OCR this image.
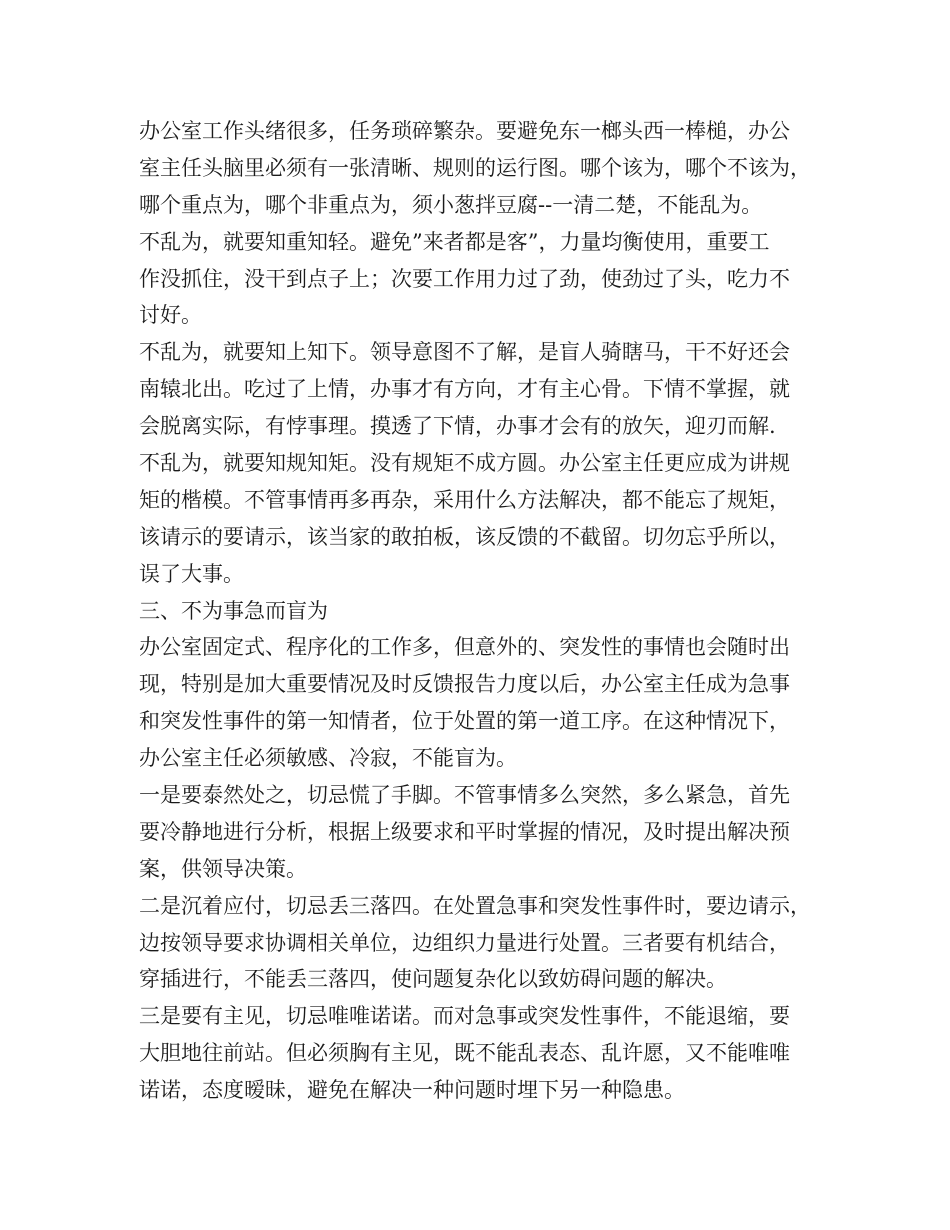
办公室工作头绪很多，任务琐碎繁杂。要避免东一榔头西一棒槌，办公
室主任头脑里必须有一张清晰、规则的运行图。哪个该为，哪个不该为，
哪个重点为，哪个非重点为，须小葱拌豆腐--一清二楚，不能乱为。
不乱为，就要知重知轻。避免”来者都是客”，力量均衡使用，重要工
作没抓住，没干到点子上；次要工作用力过了劲，使劲过了头，吃力不
讨好。
不乱为，就要知上知下。领导意图不了解，是盲人骑瞎马，干不好还会
南辕北出。吃过了上情，办事才有方向，才有主心骨。下情不掌握，就
会脱离实际，有悖事理。摸透了下情，办事才会有的放矢，迎刃而解.
不乱为，就要知规知矩。没有规矩不成方圆。办公室主任更应成为讲规
矩的楷模。不管事情再多再杂，采用什么方法解决，都不能忘了规矩，
该请示的要请示，该当家的敢拍板，该反馈的不截留。切勿忘乎所以，
误了大事。
三、不为事急而盲为
办公室固定式、程序化的工作多，但意外的、突发性的事情也会随时出
现，特别是加大重要情况及时反馈报告力度以后，办公室主任成为急事
和突发性事件的第一知情者，位于处置的第一道工序。在这种情况下，
办公室主任必须敏感、冷寂，不能盲为。
一是要泰然处之，切忌慌了手脚。不管事情多么突然，多么紧急，首先
要冷静地进行分析，根据上级要求和平时掌握的情况，及时提出解决预
案，供领导决策。
二是沉着应付，切忌丢三落四。在处置急事和突发性事件时，要边请示，
边按领导要求协调相关单位，边组织力量进行处置。三者要有机结合，
穿插进行，不能丢三落四，使问题复杂化以致妨碍问题的解决。
三是要有主见，切忌唯唯诺诺。而对急事或突发性事件，不能退缩，要
大胆地往前站。但必须胸有主见，既不能乱表态、乱许愿，又不能唯唯
诺诺，态度暧昧，避免在解决一种问题时埋下另一种隐患。
